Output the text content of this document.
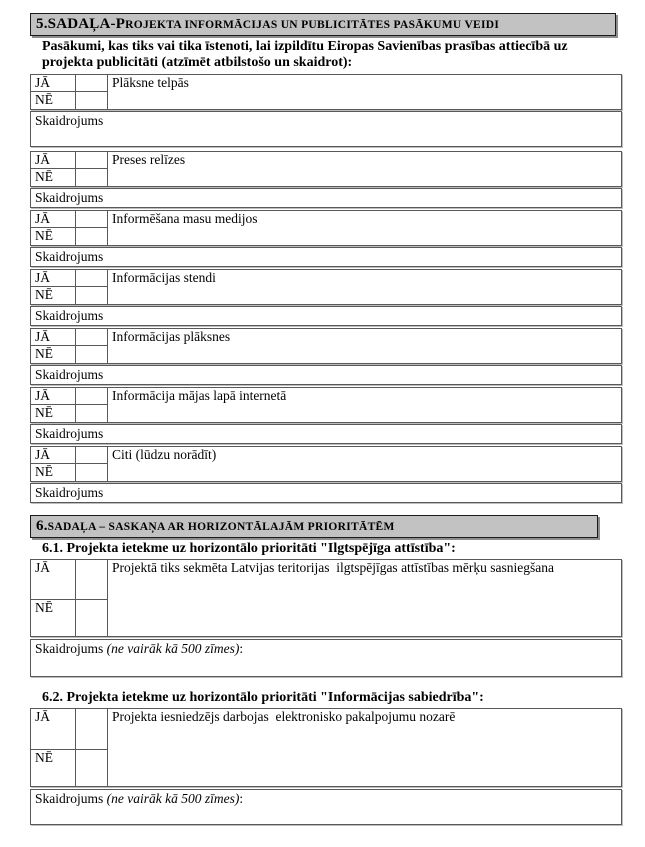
5.SADAĻA-PROJEKTA INFORMĀCIJAS UN PUBLICITĀTES PASĀKUMU VEIDI
Pasākumi, kas tiks vai tika īstenoti, lai izpildītu Eiropas Savienības prasības attiecībā uz projekta publicitāti (atzīmēt atbilstošo un skaidrot):
JĀ	Plāksne telpās
NĒ
Skaidrojums
JĀ	Preses relīzes
NĒ
Skaidrojums
JĀ	Informēšana masu medijos
NĒ
Skaidrojums
JĀ	Informācijas stendi
NĒ
Skaidrojums
JĀ	Informācijas plāksnes
NĒ
Skaidrojums
JĀ	Informācija mājas lapā internetā
NĒ
Skaidrojums
JĀ	Citi (lūdzu norādīt)
NĒ
Skaidrojums
6.SADAĻA – SASKAŅA AR HORIZONTĀLAJĀM PRIORITĀTĒM
6.1. Projekta ietekme uz horizontālo prioritāti "Ilgtspējīga attīstība":
JĀ	Projektā tiks sekmēta Latvijas teritorijas  ilgtspējīgas attīstības mērķu sasniegšana
NĒ
Skaidrojums (ne vairāk kā 500 zīmes):
6.2. Projekta ietekme uz horizontālo prioritāti "Informācijas sabiedrība":
JĀ	Projekta iesniedzējs darbojas  elektronisko pakalpojumu nozarē
NĒ
Skaidrojums (ne vairāk kā 500 zīmes):
